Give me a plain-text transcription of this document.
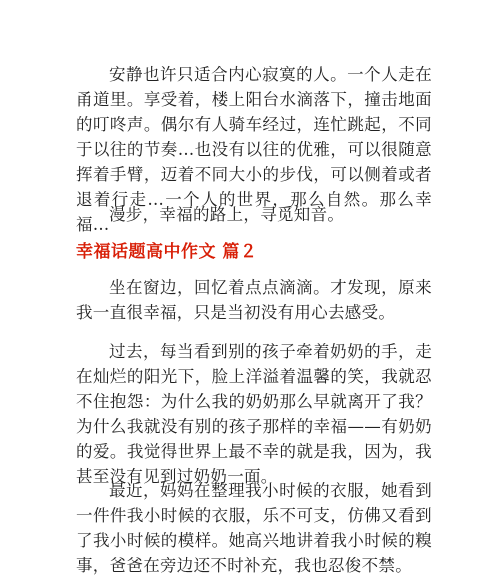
安静也许只适合内心寂寞的人。一个人走在甬道里。享受着，楼上阳台水滴落下，撞击地面的叮咚声。偶尔有人骑车经过，连忙跳起，不同于以往的节奏…也没有以往的优雅，可以很随意挥着手臂，迈着不同大小的步伐，可以侧着或者退着行走…一个人的世界，那么自然。那么幸福…

漫步，幸福的路上，寻觅知音。

幸福话题高中作文 篇２

坐在窗边，回忆着点点滴滴。才发现，原来我一直很幸福，只是当初没有用心去感受。

过去，每当看到别的孩子牵着奶奶的手，走在灿烂的阳光下，脸上洋溢着温馨的笑，我就忍不住抱怨：为什么我的奶奶那么早就离开了我？为什么我就没有别的孩子那样的幸福——有奶奶的爱。我觉得世界上最不幸的就是我，因为，我甚至没有见到过奶奶一面。

最近，妈妈在整理我小时候的衣服，她看到一件件我小时候的衣服，乐不可支，仿佛又看到了我小时候的模样。她高兴地讲着我小时候的糗事，爸爸在旁边还不时补充，我也忍俊不禁。
